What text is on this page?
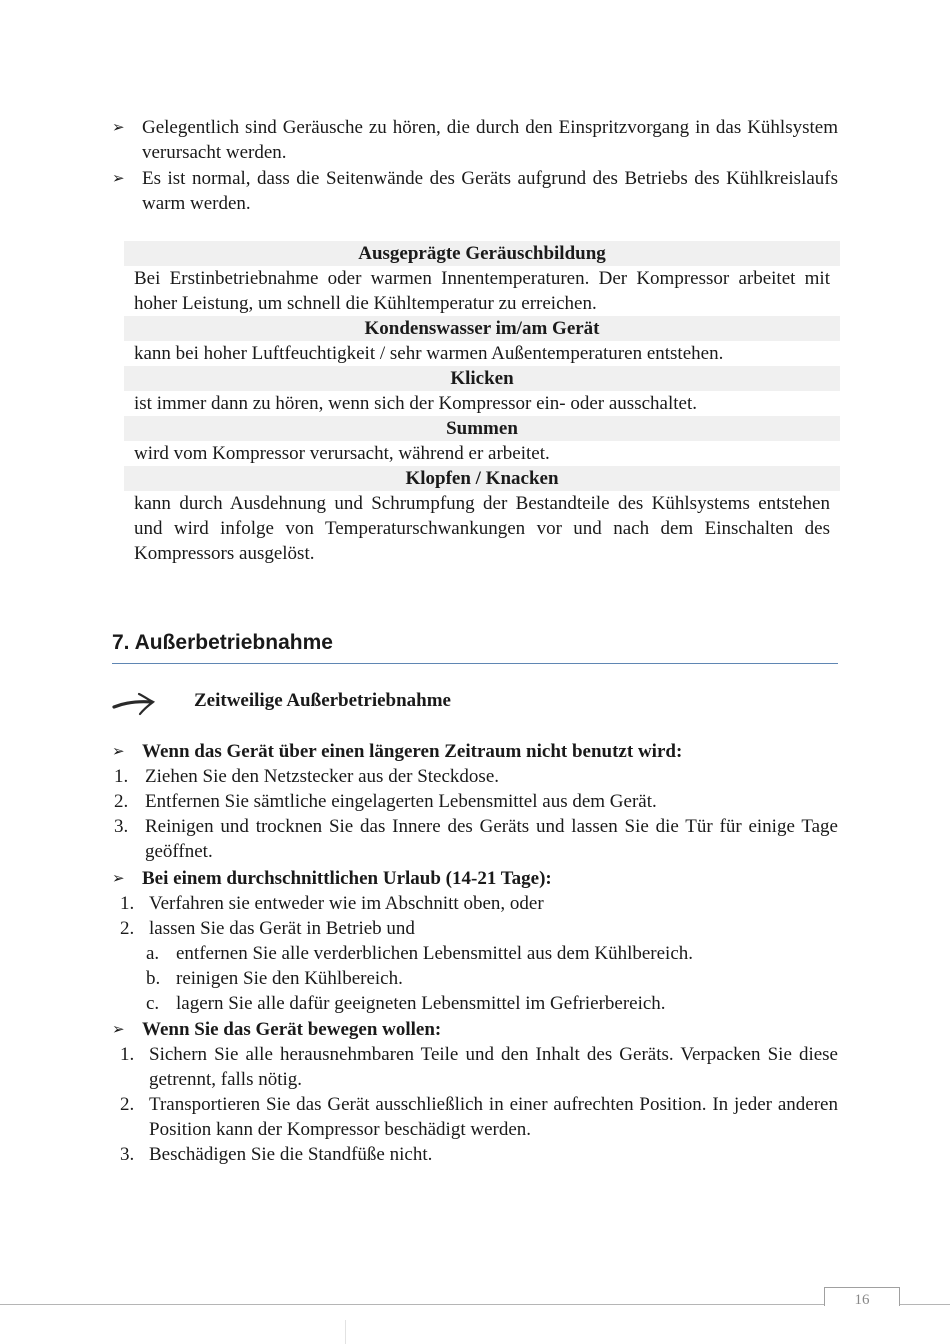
➢ Gelegentlich sind Geräusche zu hören, die durch den Einspritzvorgang in das Kühlsystem verursacht werden.
➢ Es ist normal, dass die Seitenwände des Geräts aufgrund des Betriebs des Kühlkreislaufs warm werden.
Ausgeprägte Geräuschbildung
Bei Erstinbetriebnahme oder warmen Innentemperaturen. Der Kompressor arbeitet mit hoher Leistung, um schnell die Kühltemperatur zu erreichen.
Kondenswasser im/am Gerät
kann bei hoher Luftfeuchtigkeit / sehr warmen Außentemperaturen entstehen.
Klicken
ist immer dann zu hören, wenn sich der Kompressor ein- oder ausschaltet.
Summen
wird vom Kompressor verursacht, während er arbeitet.
Klopfen / Knacken
kann durch Ausdehnung und Schrumpfung der Bestandteile des Kühlsystems entstehen und wird infolge von Temperaturschwankungen vor und nach dem Einschalten des Kompressors ausgelöst.
7. Außerbetriebnahme
Zeitweilige Außerbetriebnahme
➢ Wenn das Gerät über einen längeren Zeitraum nicht benutzt wird:
1. Ziehen Sie den Netzstecker aus der Steckdose.
2. Entfernen Sie sämtliche eingelagerten Lebensmittel aus dem Gerät.
3. Reinigen und trocknen Sie das Innere des Geräts und lassen Sie die Tür für einige Tage geöffnet.
➢ Bei einem durchschnittlichen Urlaub (14-21 Tage):
1. Verfahren sie entweder wie im Abschnitt oben, oder
2. lassen Sie das Gerät in Betrieb und
a. entfernen Sie alle verderblichen Lebensmittel aus dem Kühlbereich.
b. reinigen Sie den Kühlbereich.
c. lagern Sie alle dafür geeigneten Lebensmittel im Gefrierbereich.
➢ Wenn Sie das Gerät bewegen wollen:
1. Sichern Sie alle herausnehmbaren Teile und den Inhalt des Geräts. Verpacken Sie diese getrennt, falls nötig.
2. Transportieren Sie das Gerät ausschließlich in einer aufrechten Position. In jeder anderen Position kann der Kompressor beschädigt werden.
3. Beschädigen Sie die Standfüße nicht.
16
